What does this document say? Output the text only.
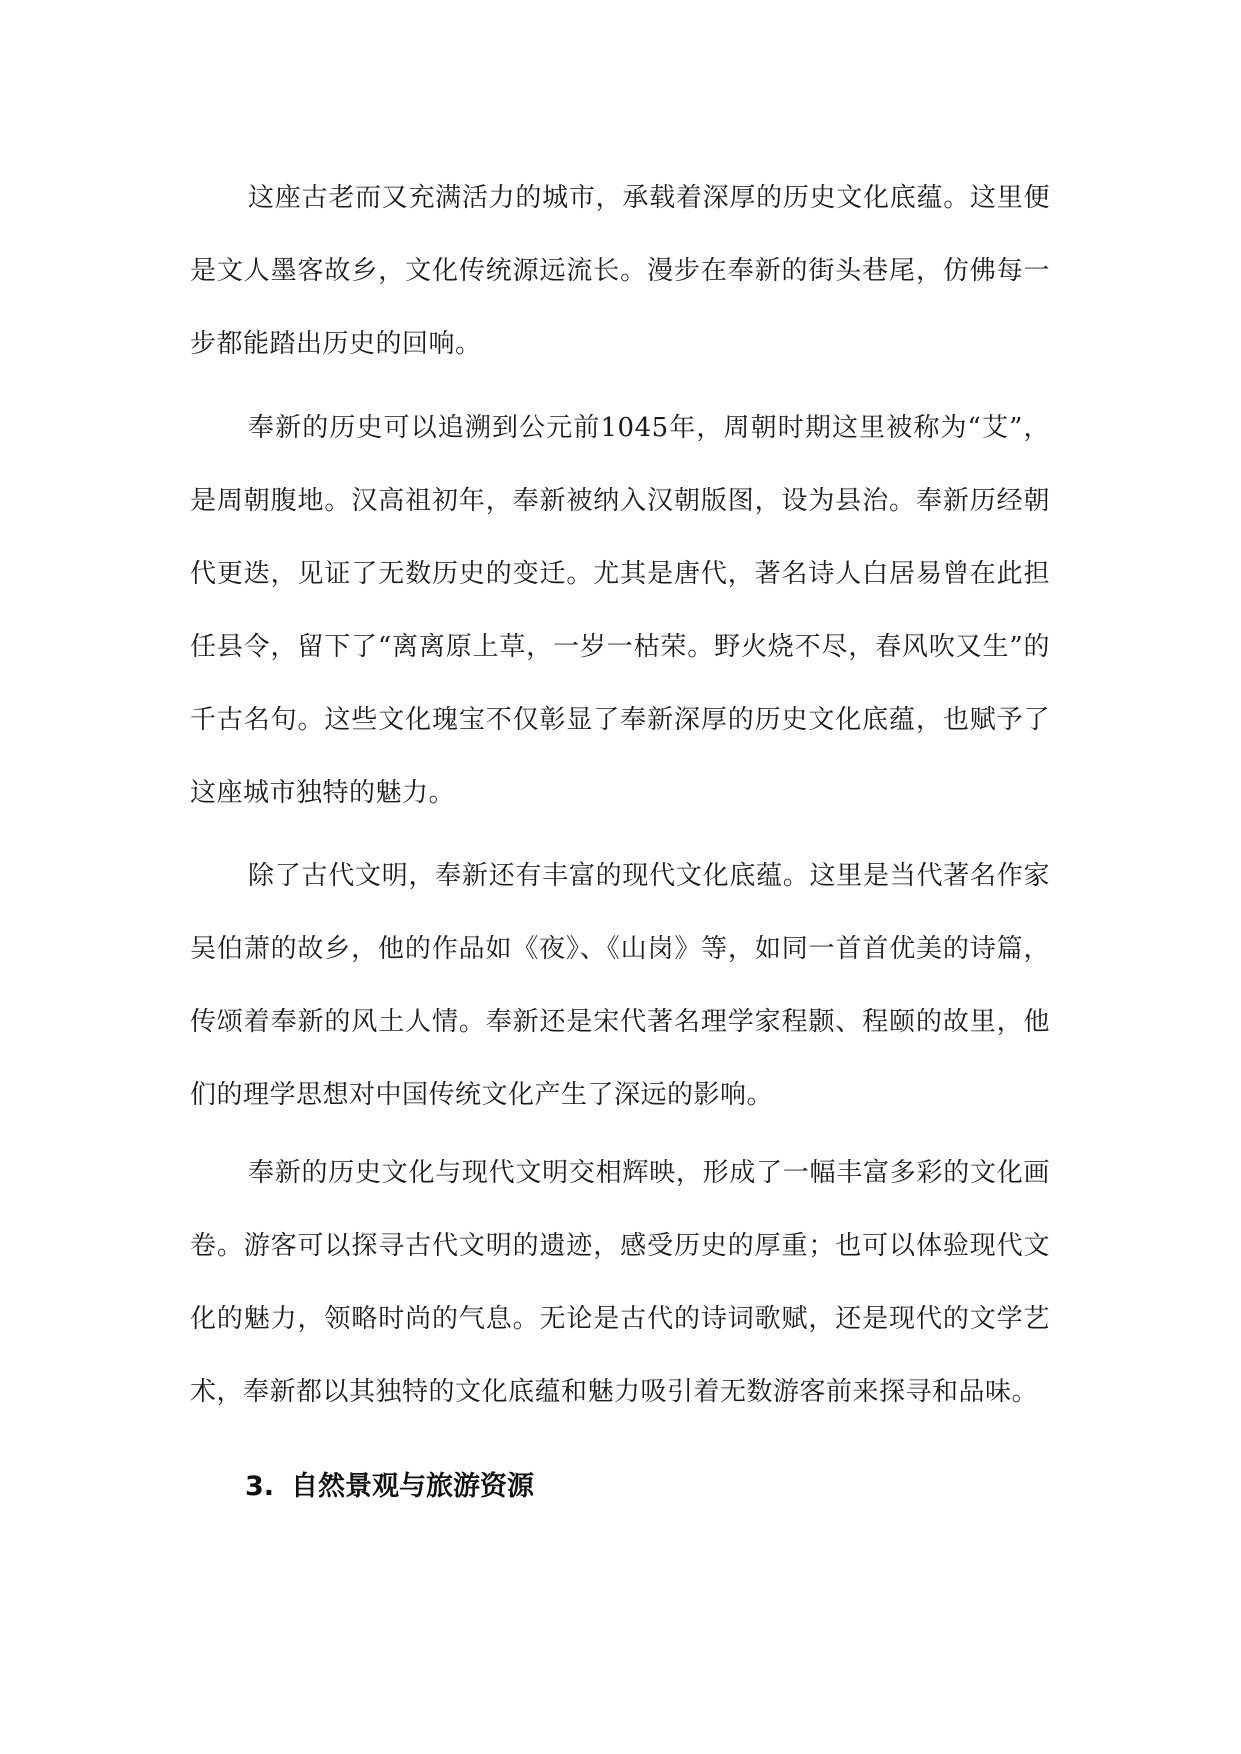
这座古老而又充满活力的城市，承载着深厚的历史文化底蕴。这里便是文人墨客故乡，文化传统源远流长。漫步在奉新的街头巷尾，仿佛每一步都能踏出历史的回响。

奉新的历史可以追溯到公元前1045年，周朝时期这里被称为“艾”，是周朝腹地。汉高祖初年，奉新被纳入汉朝版图，设为县治。奉新历经朝代更迭，见证了无数历史的变迁。尤其是唐代，著名诗人白居易曾在此担任县令，留下了“离离原上草，一岁一枯荣。野火烧不尽，春风吹又生”的千古名句。这些文化瑰宝不仅彰显了奉新深厚的历史文化底蕴，也赋予了这座城市独特的魅力。

除了古代文明，奉新还有丰富的现代文化底蕴。这里是当代著名作家吴伯萧的故乡，他的作品如《夜》、《山岗》等，如同一首首优美的诗篇，传颂着奉新的风土人情。奉新还是宋代著名理学家程颢、程颐的故里，他们的理学思想对中国传统文化产生了深远的影响。

奉新的历史文化与现代文明交相辉映，形成了一幅丰富多彩的文化画卷。游客可以探寻古代文明的遗迹，感受历史的厚重；也可以体验现代文化的魅力，领略时尚的气息。无论是古代的诗词歌赋，还是现代的文学艺术，奉新都以其独特的文化底蕴和魅力吸引着无数游客前来探寻和品味。

3. 自然景观与旅游资源
